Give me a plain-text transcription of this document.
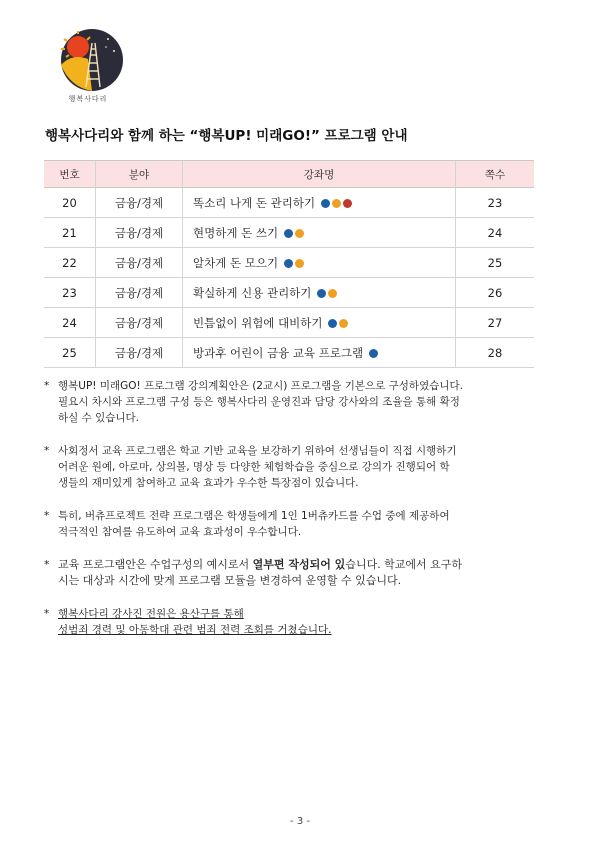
행복사다리
행복사다리와 함께 하는 “행복UP! 미래GO!” 프로그램 안내
번호	분야	강좌명	쪽수
20	금융/경제	똑소리 나게 돈 관리하기	23
21	금융/경제	현명하게 돈 쓰기	24
22	금융/경제	알차게 돈 모으기	25
23	금융/경제	확실하게 신용 관리하기	26
24	금융/경제	빈틈없이 위험에 대비하기	27
25	금융/경제	방과후 어린이 금융 교육 프로그램	28
* 행복UP! 미래GO! 프로그램 강의계획안은 (2교시) 프로그램을 기본으로 구성하였습니다.
필요시 차시와 프로그램 구성 등은 행복사다리 운영진과 담당 강사와의 조율을 통해 확정
하실 수 있습니다.
* 사회정서 교육 프로그램은 학교 기반 교육을 보강하기 위하여 선생님들이 직접 시행하기
어려운 원예, 아로마, 상의볼, 명상 등 다양한 체험학습을 중심으로 강의가 진행되어 학
생들의 재미있게 참여하고 교육 효과가 우수한 특장점이 있습니다.
* 특히, 버츄프로젝트 전략 프로그램은 학생들에게 1인 1버츄카드를 수업 중에 제공하여
적극적인 참여를 유도하여 교육 효과성이 우수합니다.
* 교육 프로그램안은 수업구성의 예시로서 열부편 작성되어 있습니다. 학교에서 요구하
시는 대상과 시간에 맞게 프로그램 모듈을 변경하여 운영할 수 있습니다.
* 행복사다리 강사진 전원은 용산구를 통해
성범죄 경력 및 아동학대 관련 범죄 전력 조회를 거쳤습니다.
- 3 -
